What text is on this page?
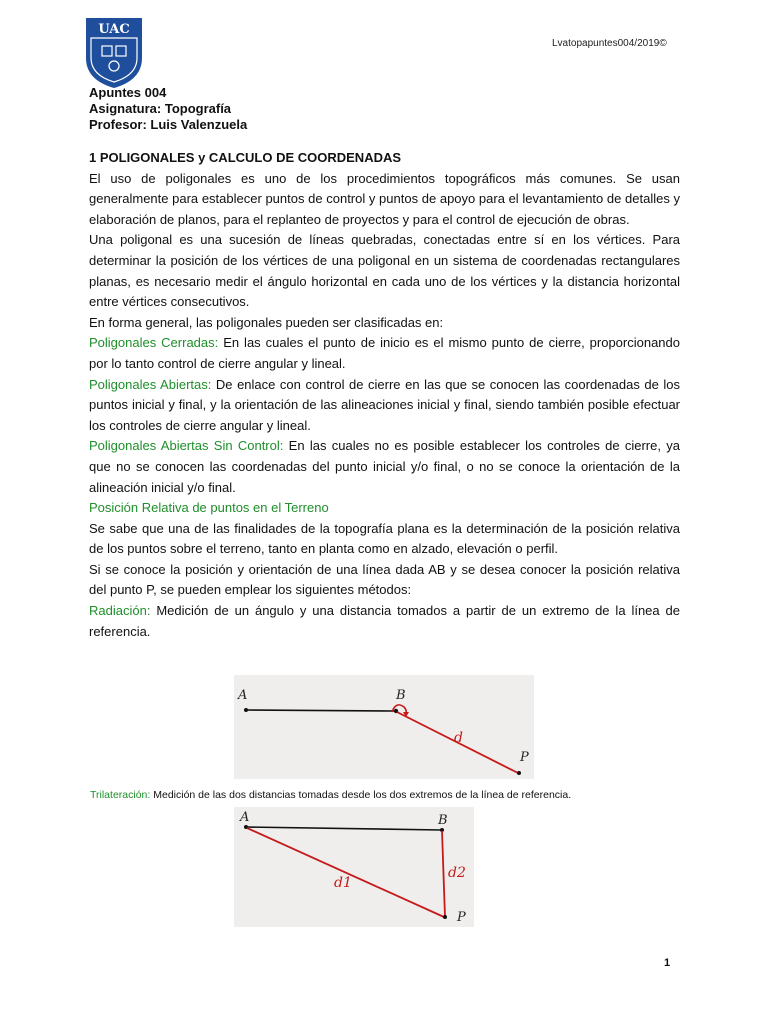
UAC
Lvatopapuntes004/2019©
Apuntes 004
Asignatura: Topografía
Profesor: Luis Valenzuela

1 POLIGONALES y CALCULO DE COORDENADAS

El uso de poligonales es uno de los procedimientos topográficos más comunes. Se usan generalmente para establecer puntos de control y puntos de apoyo para el levantamiento de detalles y elaboración de planos, para el replanteo de proyectos y para el control de ejecución de obras.

Una poligonal es una sucesión de líneas quebradas, conectadas entre sí en los vértices. Para determinar la posición de los vértices de una poligonal en un sistema de coordenadas rectangulares planas, es necesario medir el ángulo horizontal en cada uno de los vértices y la distancia horizontal entre vértices consecutivos.

En forma general, las poligonales pueden ser clasificadas en:

Poligonales Cerradas: En las cuales el punto de inicio es el mismo punto de cierre, proporcionando por lo tanto control de cierre angular y lineal.

Poligonales Abiertas: De enlace con control de cierre en las que se conocen las coordenadas de los puntos inicial y final, y la orientación de las alineaciones inicial y final, siendo también posible efectuar los controles de cierre angular y lineal.

Poligonales Abiertas Sin Control: En las cuales no es posible establecer los controles de cierre, ya que no se conocen las coordenadas del punto inicial y/o final, o no se conoce la orientación de la alineación inicial y/o final.

Posición Relativa de puntos en el Terreno

Se sabe que una de las finalidades de la topografía plana es la determinación de la posición relativa de los puntos sobre el terreno, tanto en planta como en alzado, elevación o perfil.

Si se conoce la posición y orientación de una línea dada AB y se desea conocer la posición relativa del punto P, se pueden emplear los siguientes métodos:

Radiación: Medición de un ángulo y una distancia tomados a partir de un extremo de la línea de referencia.

A	B
d
P
Trilateración: Medición de las dos distancias tomadas desde los dos extremos de la línea de referencia.
A	B
d1
d2
P
1
